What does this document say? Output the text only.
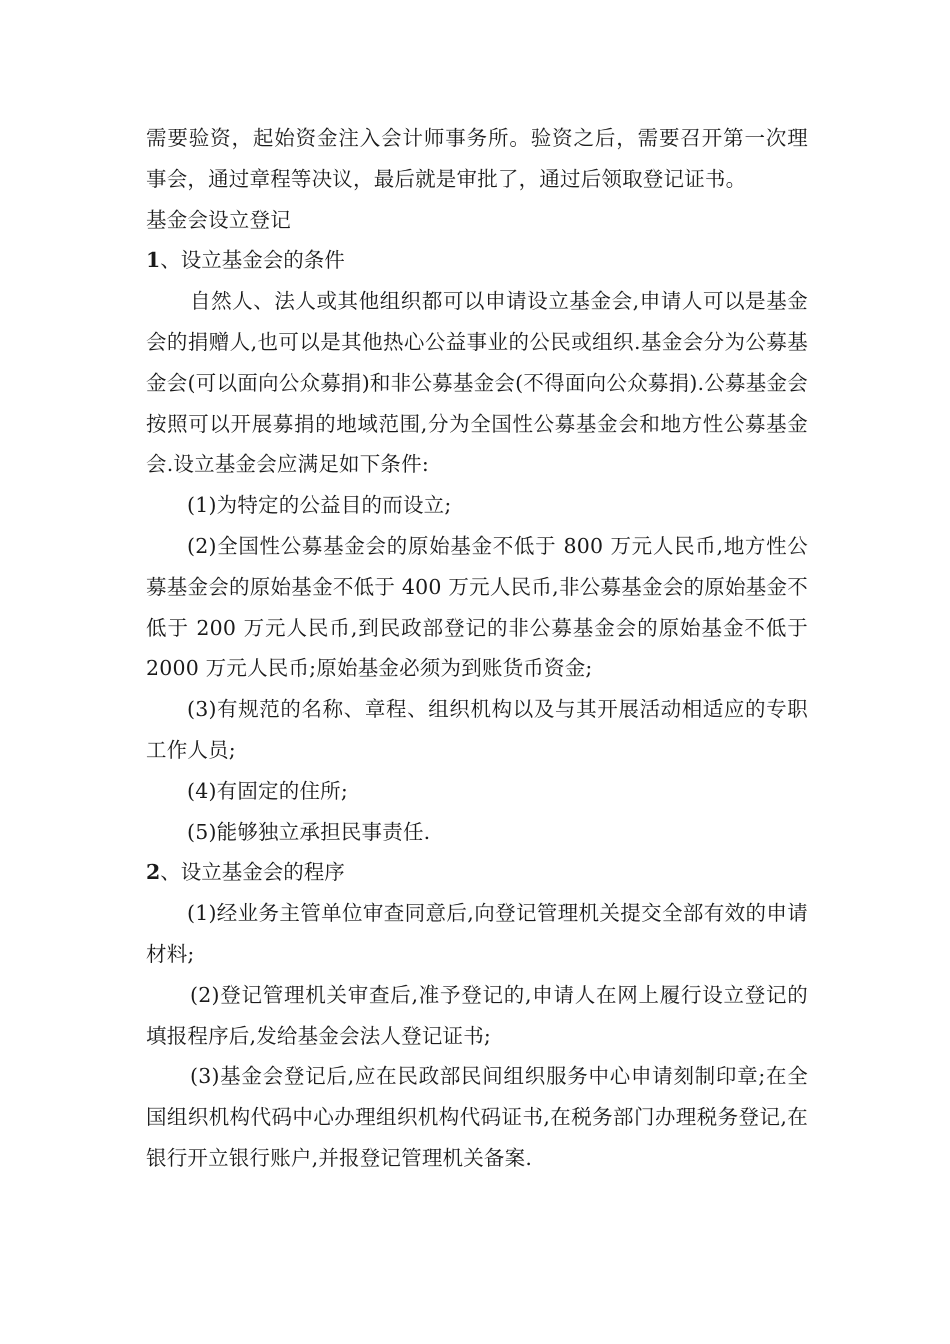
需要验资，起始资金注入会计师事务所。验资之后，需要召开第一次理事会，通过章程等决议，最后就是审批了，通过后领取登记证书。

基金会设立登记

1、设立基金会的条件

自然人、法人或其他组织都可以申请设立基金会,申请人可以是基金会的捐赠人,也可以是其他热心公益事业的公民或组织.基金会分为公募基金会(可以面向公众募捐)和非公募基金会(不得面向公众募捐).公募基金会按照可以开展募捐的地域范围,分为全国性公募基金会和地方性公募基金会.设立基金会应满足如下条件:

(1)为特定的公益目的而设立;

(2)全国性公募基金会的原始基金不低于 800 万元人民币,地方性公募基金会的原始基金不低于 400 万元人民币,非公募基金会的原始基金不低于 200 万元人民币,到民政部登记的非公募基金会的原始基金不低于 2000 万元人民币;原始基金必须为到账货币资金;

(3)有规范的名称、章程、组织机构以及与其开展活动相适应的专职工作人员;

(4)有固定的住所;

(5)能够独立承担民事责任.

2、设立基金会的程序

(1)经业务主管单位审查同意后,向登记管理机关提交全部有效的申请材料;

(2)登记管理机关审查后,准予登记的,申请人在网上履行设立登记的填报程序后,发给基金会法人登记证书;

(3)基金会登记后,应在民政部民间组织服务中心申请刻制印章;在全国组织机构代码中心办理组织机构代码证书,在税务部门办理税务登记,在银行开立银行账户,并报登记管理机关备案.
